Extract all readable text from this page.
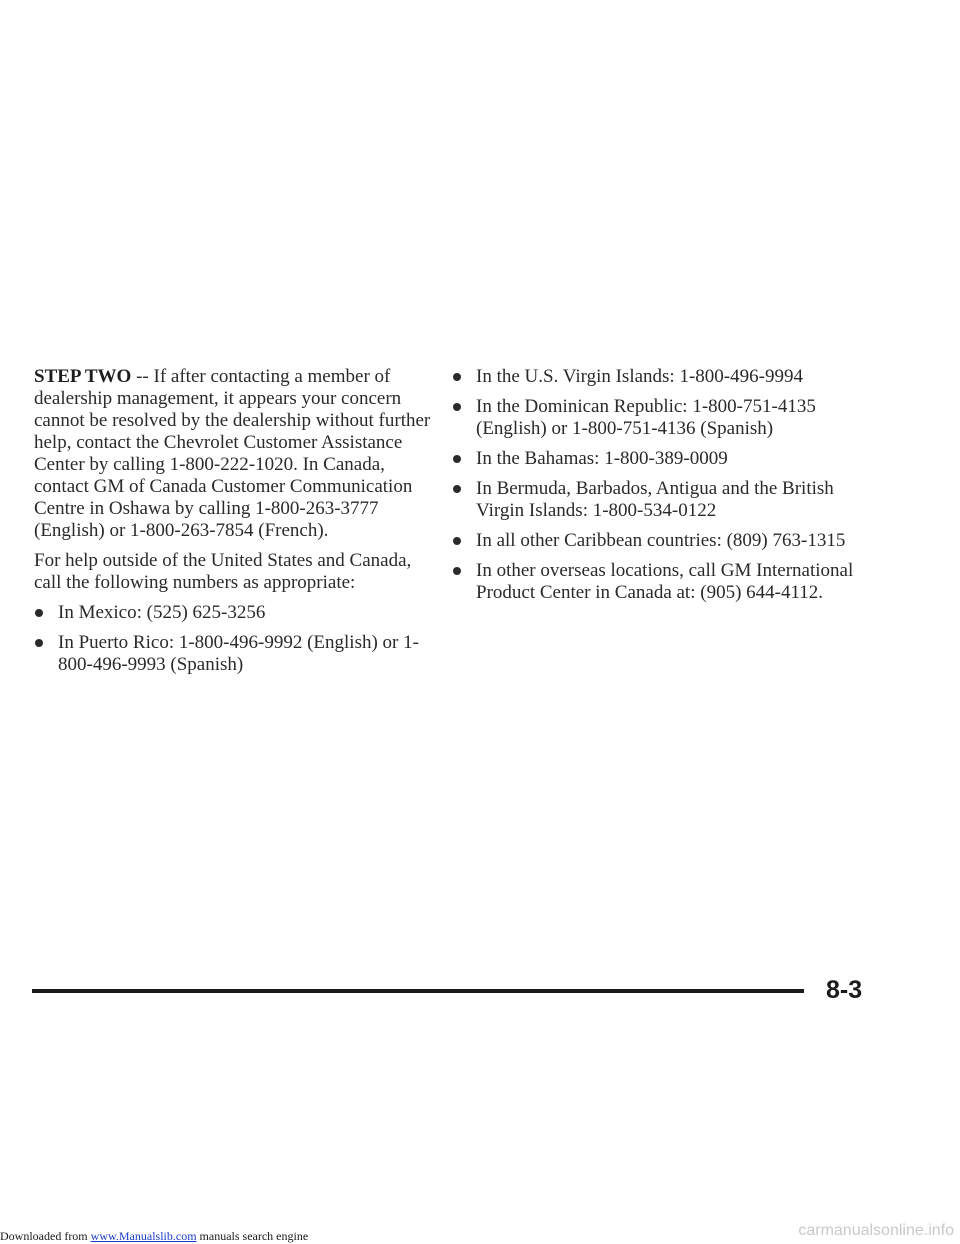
STEP TWO -- If after contacting a member of dealership management, it appears your concern cannot be resolved by the dealership without further help, contact the Chevrolet Customer Assistance Center by calling 1-800-222-1020. In Canada, contact GM of Canada Customer Communication Centre in Oshawa by calling 1-800-263-3777 (English) or 1-800-263-7854 (French).

For help outside of the United States and Canada, call the following numbers as appropriate:

In Mexico: (525) 625-3256
In Puerto Rico: 1-800-496-9992 (English) or 1-800-496-9993 (Spanish)
In the U.S. Virgin Islands: 1-800-496-9994
In the Dominican Republic: 1-800-751-4135 (English) or 1-800-751-4136 (Spanish)
In the Bahamas: 1-800-389-0009
In Bermuda, Barbados, Antigua and the British Virgin Islands: 1-800-534-0122
In all other Caribbean countries: (809) 763-1315
In other overseas locations, call GM International Product Center in Canada at: (905) 644-4112.
8-3
Downloaded from www.Manualslib.com manuals search engine	carmanualsonline.info
